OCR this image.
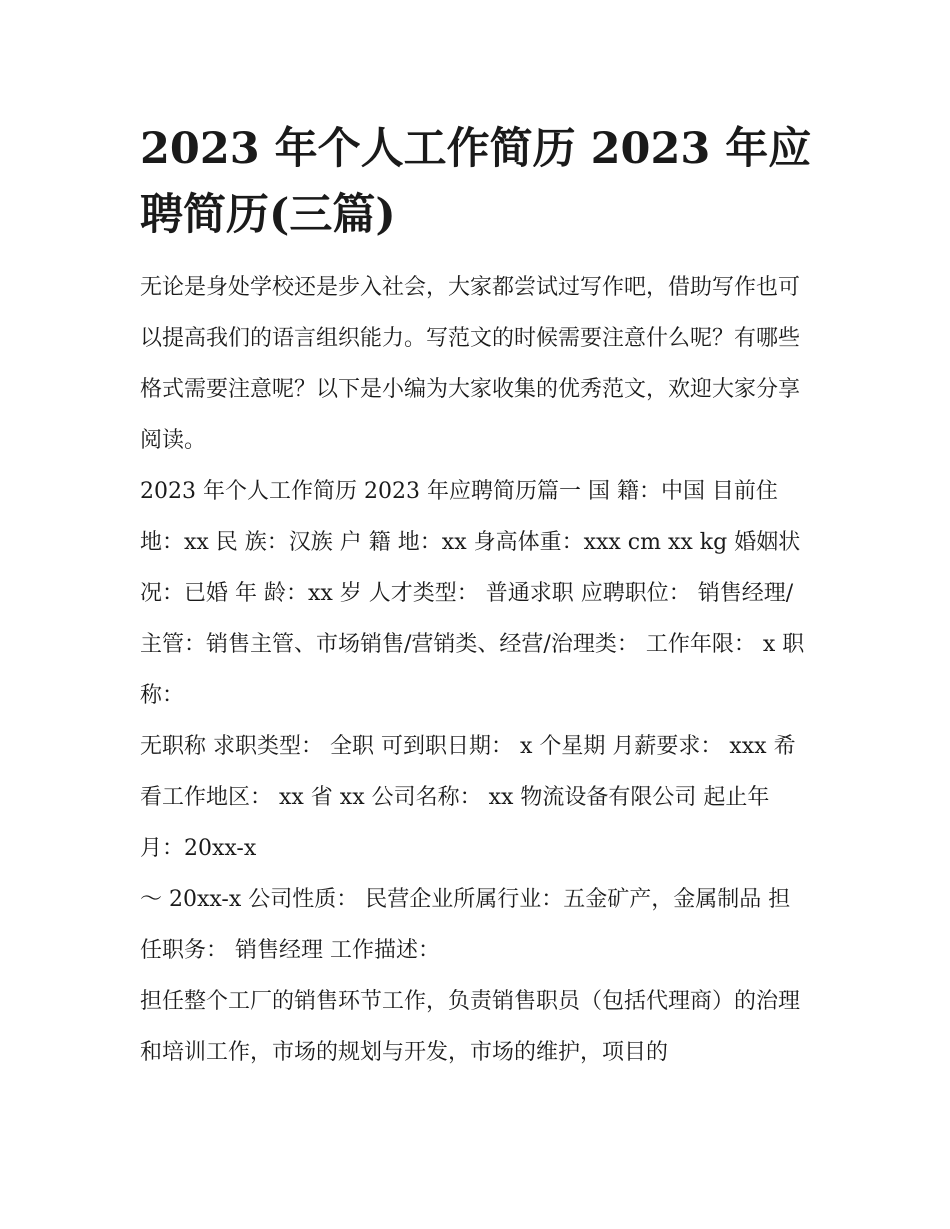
2023 年个人工作简历 2023 年应聘简历(三篇)

无论是身处学校还是步入社会，大家都尝试过写作吧，借助写作也可以提高我们的语言组织能力。写范文的时候需要注意什么呢？有哪些格式需要注意呢？以下是小编为大家收集的优秀范文，欢迎大家分享阅读。

2023 年个人工作简历 2023 年应聘简历篇一 国 籍：中国 目前住地：xx 民 族：汉族 户 籍 地：xx 身高体重：xxx cm xx kg 婚姻状况：已婚 年 龄：xx 岁 人才类型： 普通求职 应聘职位： 销售经理/主管：销售主管、市场销售/营销类、经营/治理类： 工作年限： x 职 称：

无职称 求职类型： 全职 可到职日期： x 个星期 月薪要求： xxx 希看工作地区： xx 省 xx 公司名称： xx 物流设备有限公司 起止年月：20xx-x

～ 20xx-x 公司性质： 民营企业所属行业：五金矿产，金属制品 担任职务： 销售经理 工作描述：

担任整个工厂的销售环节工作，负责销售职员（包括代理商）的治理和培训工作，市场的规划与开发，市场的维护，项目的
